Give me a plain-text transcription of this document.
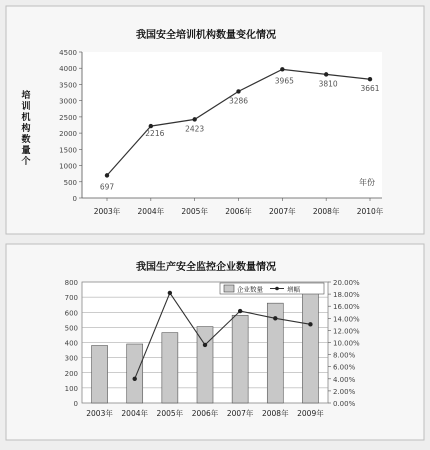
我国安全培训机构数量变化情况
年份
培
训
机
构
数
量
个
0
500
1000
1500
2000
2500
3000
3500
4000
4500
2003年 2004年 2005年 2006年 2007年 2008年 2010年
697
2216
2423
3286
3965	3810
3661
我国生产安全监控企业数量情况
0
100
200
300
400
500
600
700
800
0.00%
2.00%
4.00%
6.00%
8.00%
10.00%
12.00%
14.00%
16.00%
18.00%
20.00%
2003年 2004年 2005年 2006年 2007年 2008年 2009年
企业数量	增幅
